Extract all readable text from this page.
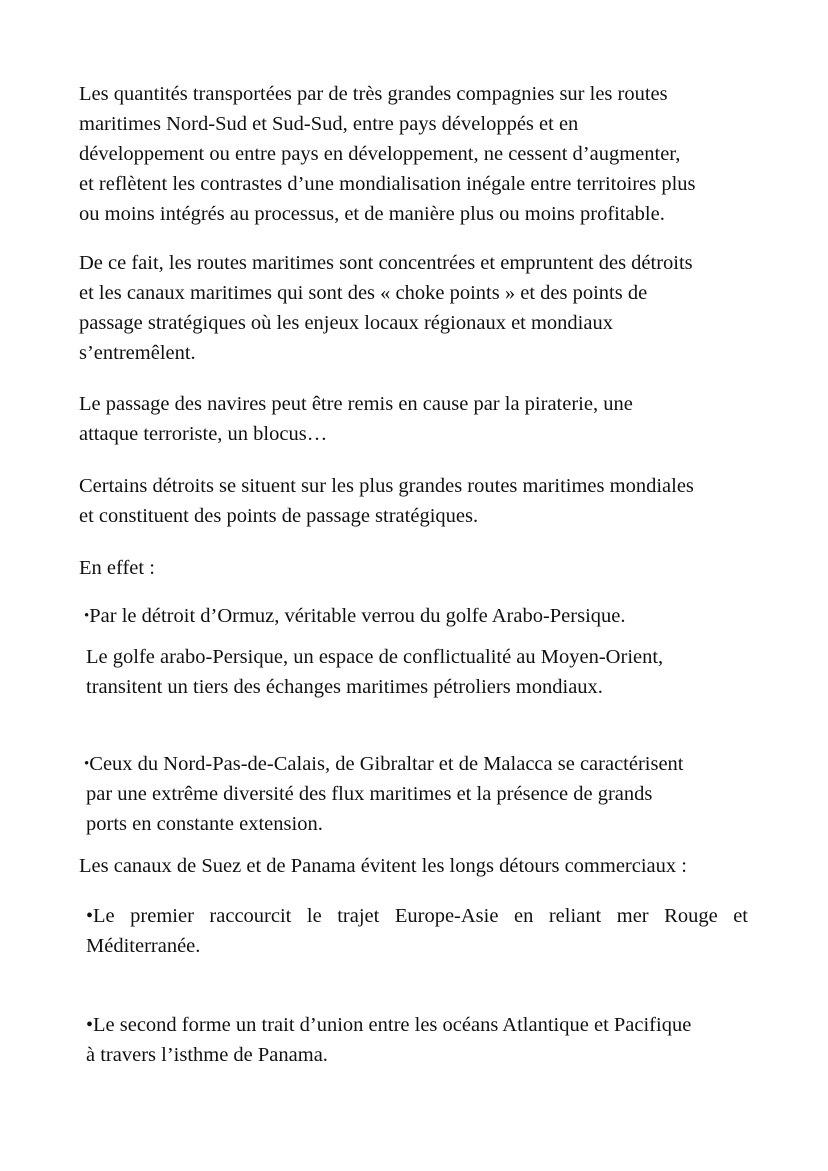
Les quantités transportées par de très grandes compagnies sur les routes
maritimes Nord-Sud et Sud-Sud, entre pays développés et en
développement ou entre pays en développement, ne cessent d’augmenter,
et reflètent les contrastes d’une mondialisation inégale entre territoires plus
ou moins intégrés au processus, et de manière plus ou moins profitable.
De ce fait, les routes maritimes sont concentrées et empruntent des détroits
et les canaux maritimes qui sont des « choke points » et des points de
passage stratégiques où les enjeux locaux régionaux et mondiaux
s’entremêlent.
Le passage des navires peut être remis en cause par la piraterie, une
attaque terroriste, un blocus…
Certains détroits se situent sur les plus grandes routes maritimes mondiales
et constituent des points de passage stratégiques.
En effet :
•Par le détroit d’Ormuz, véritable verrou du golfe Arabo-Persique.
Le golfe arabo-Persique, un espace de conflictualité au Moyen-Orient,
transitent un tiers des échanges maritimes pétroliers mondiaux.
•Ceux du Nord-Pas-de-Calais, de Gibraltar et de Malacca se caractérisent
par une extrême diversité des flux maritimes et la présence de grands
ports en constante extension.
Les canaux de Suez et de Panama évitent les longs détours commerciaux :
•Le premier raccourcit le trajet Europe-Asie en reliant mer Rouge et Méditerranée.
•Le second forme un trait d’union entre les océans Atlantique et Pacifique
à travers l’isthme de Panama.
